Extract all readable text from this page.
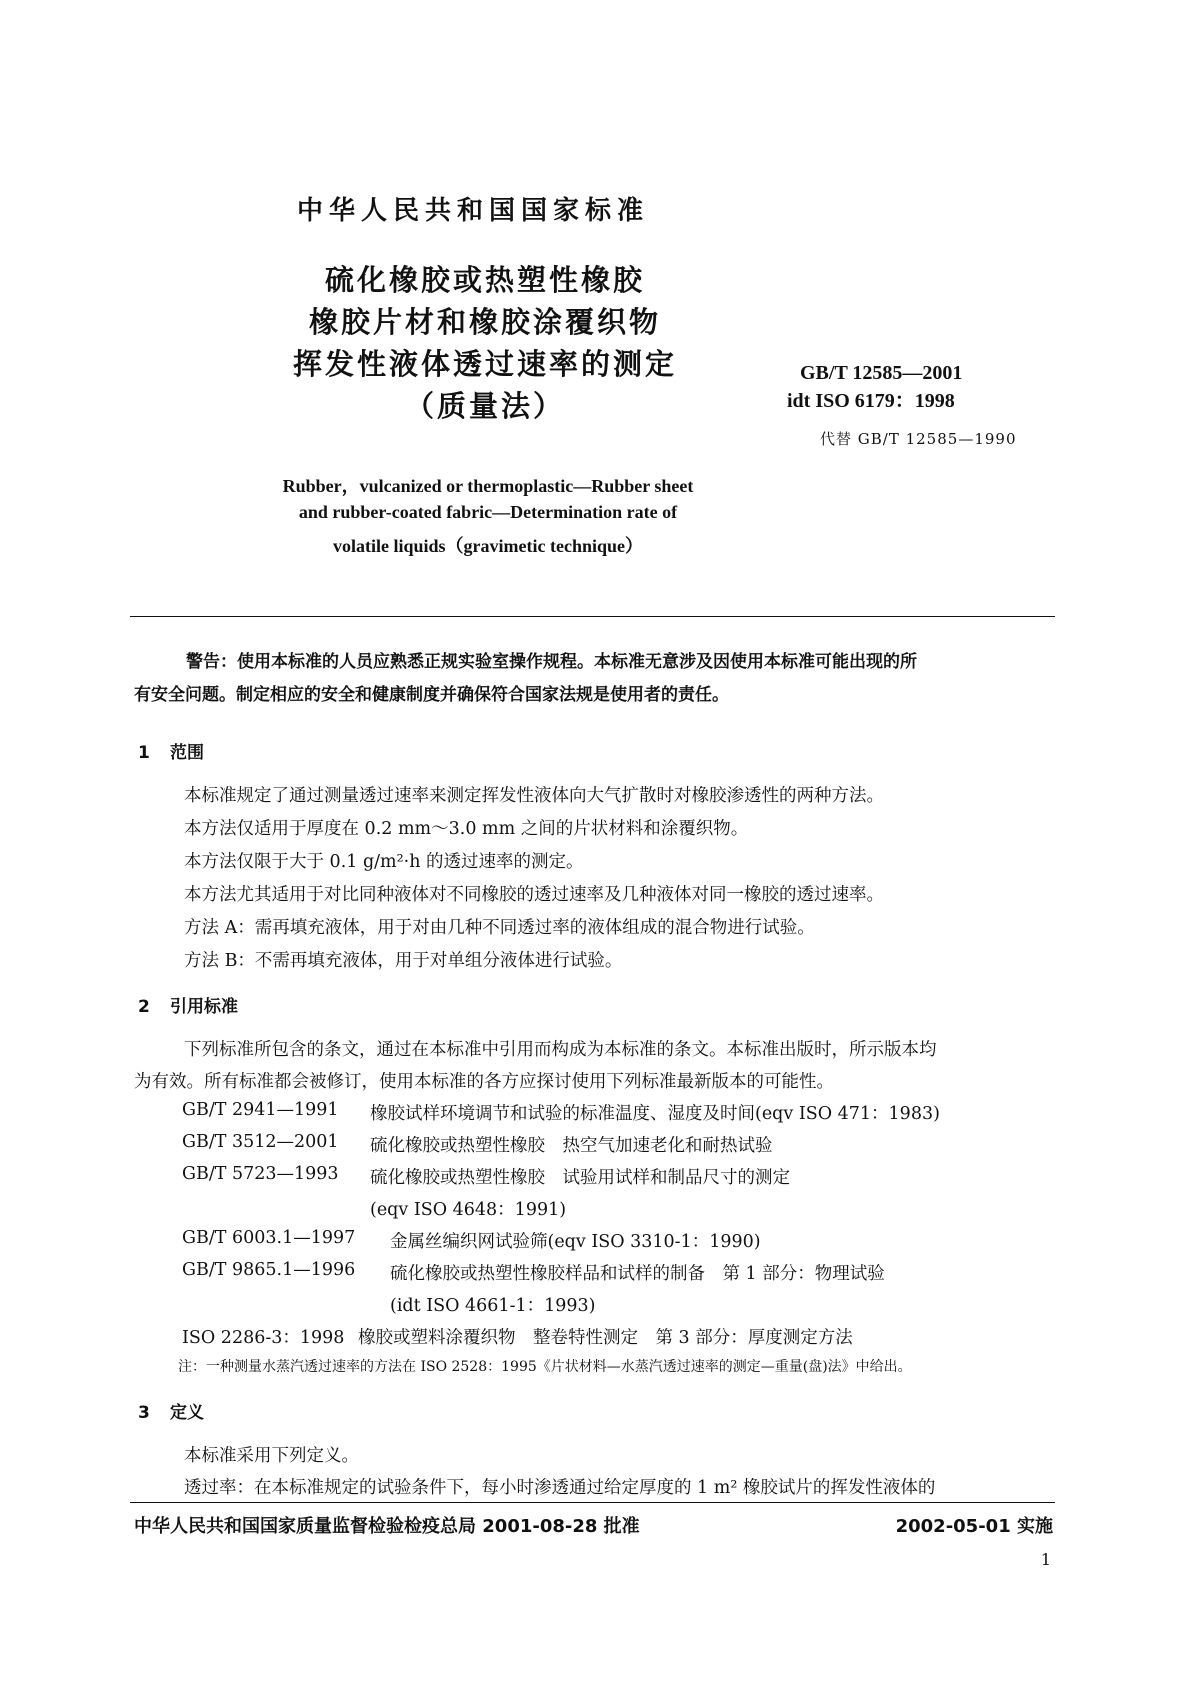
中华人民共和国国家标准
硫化橡胶或热塑性橡胶
橡胶片材和橡胶涂覆织物
挥发性液体透过速率的测定
（质量法）
GB/T 12585—2001
idt ISO 6179：1998
代替 GB/T 12585—1990
Rubber，vulcanized or thermoplastic—Rubber sheet
and rubber-coated fabric—Determination rate of
volatile liquids（gravimetic technique）

警告：使用本标准的人员应熟悉正规实验室操作规程。本标准无意涉及因使用本标准可能出现的所

有安全问题。制定相应的安全和健康制度并确保符合国家法规是使用者的责任。

1 范围
本标准规定了通过测量透过速率来测定挥发性液体向大气扩散时对橡胶渗透性的两种方法。
本方法仅适用于厚度在 0.2 mm～3.0 mm 之间的片状材料和涂覆织物。
本方法仅限于大于 0.1 g/m²·h 的透过速率的测定。
本方法尤其适用于对比同种液体对不同橡胶的透过速率及几种液体对同一橡胶的透过速率。
方法 A：需再填充液体，用于对由几种不同透过率的液体组成的混合物进行试验。
方法 B：不需再填充液体，用于对单组分液体进行试验。
2 引用标准
下列标准所包含的条文，通过在本标准中引用而构成为本标准的条文。本标准出版时，所示版本均
为有效。所有标准都会被修订，使用本标准的各方应探讨使用下列标准最新版本的可能性。
GB/T 2941—1991 橡胶试样环境调节和试验的标准温度、湿度及时间(eqv ISO 471：1983)
GB/T 3512—2001 硫化橡胶或热塑性橡胶　热空气加速老化和耐热试验
GB/T 5723—1993 硫化橡胶或热塑性橡胶　试验用试样和制品尺寸的测定
(eqv ISO 4648：1991)
GB/T 6003.1—1997 金属丝编织网试验筛(eqv ISO 3310-1：1990)
GB/T 9865.1—1996 硫化橡胶或热塑性橡胶样品和试样的制备　第 1 部分：物理试验
(idt ISO 4661-1：1993)
ISO 2286-3：1998 橡胶或塑料涂覆织物　整卷特性测定　第 3 部分：厚度测定方法
注：一种测量水蒸汽透过速率的方法在 ISO 2528：1995《片状材料—水蒸汽透过速率的测定—重量(盘)法》中给出。
3 定义
本标准采用下列定义。
透过率：在本标准规定的试验条件下，每小时渗透通过给定厚度的 1 m² 橡胶试片的挥发性液体的
中华人民共和国国家质量监督检验检疫总局 2001-08-28 批准	2002-05-01 实施
1
